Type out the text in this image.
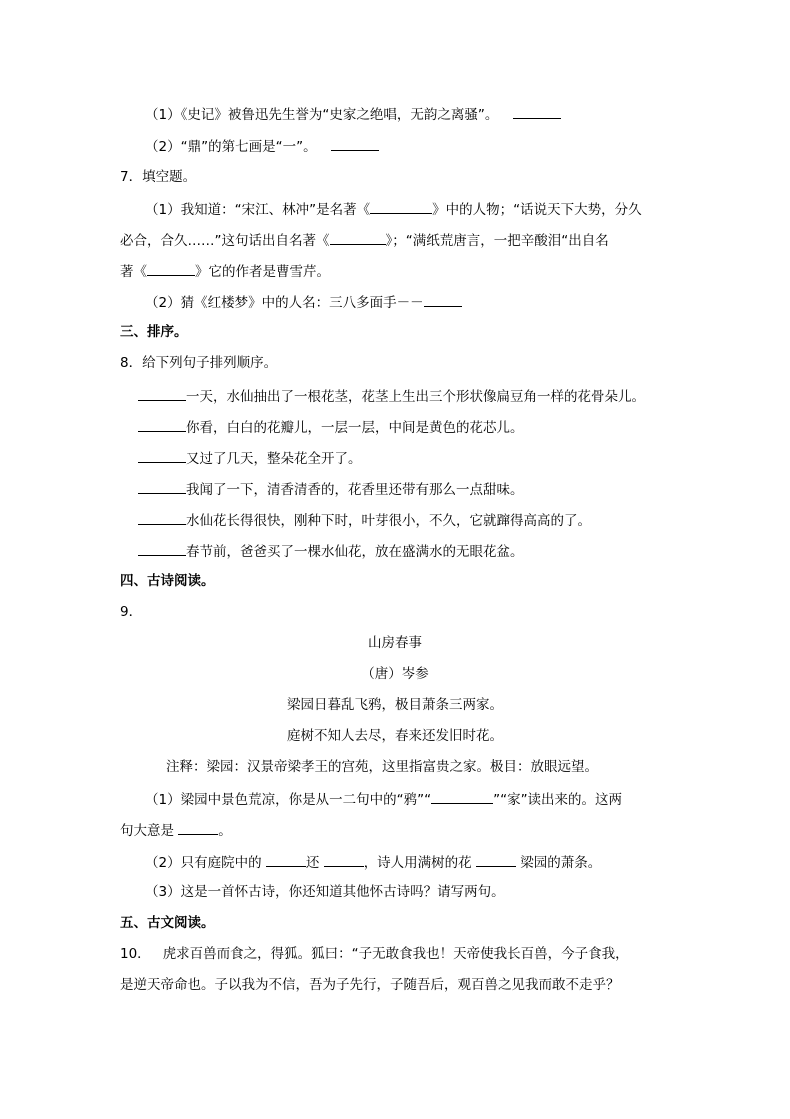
（1）《史记》被鲁迅先生誉为“史家之绝唱，无韵之离骚”。
（2）“鼎”的第七画是“一”。
7．填空题。
（1）我知道：“宋江、林冲”是名著《	》中的人物；“话说天下大势，分久
必合，合久……”这句话出自名著《	》；“满纸荒唐言，一把辛酸泪“出自名
著《	》它的作者是曹雪芹。
（2）猜《红楼梦》中的人名：三八多面手－－
三、排序。
8．给下列句子排列顺序。
一天，水仙抽出了一根花茎，花茎上生出三个形状像扁豆角一样的花骨朵儿。
你看，白白的花瓣儿，一层一层，中间是黄色的花芯儿。
又过了几天，整朵花全开了。
我闻了一下，清香清香的，花香里还带有那么一点甜味。
水仙花长得很快，刚种下时，叶芽很小，不久，它就蹿得高高的了。
春节前，爸爸买了一棵水仙花，放在盛满水的无眼花盆。
四、古诗阅读。
9．
山房春事
（唐）岑参
梁园日暮乱飞鸦，极目萧条三两家。
庭树不知人去尽，春来还发旧时花。
注释：梁园：汉景帝梁孝王的宫苑，这里指富贵之家。极目：放眼远望。
（1）梁园中景色荒凉，你是从一二句中的“鸦”“	”“家”读出来的。这两
句大意是	。
（2）只有庭院中的	还	，诗人用满树的花	梁园的萧条。
（3）这是一首怀古诗，你还知道其他怀古诗吗？请写两句。
五、古文阅读。
10． 虎求百兽而食之，得狐。狐曰：“子无敢食我也！天帝使我长百兽，今子食我，
是逆天帝命也。子以我为不信，吾为子先行，子随吾后，观百兽之见我而敢不走乎？
